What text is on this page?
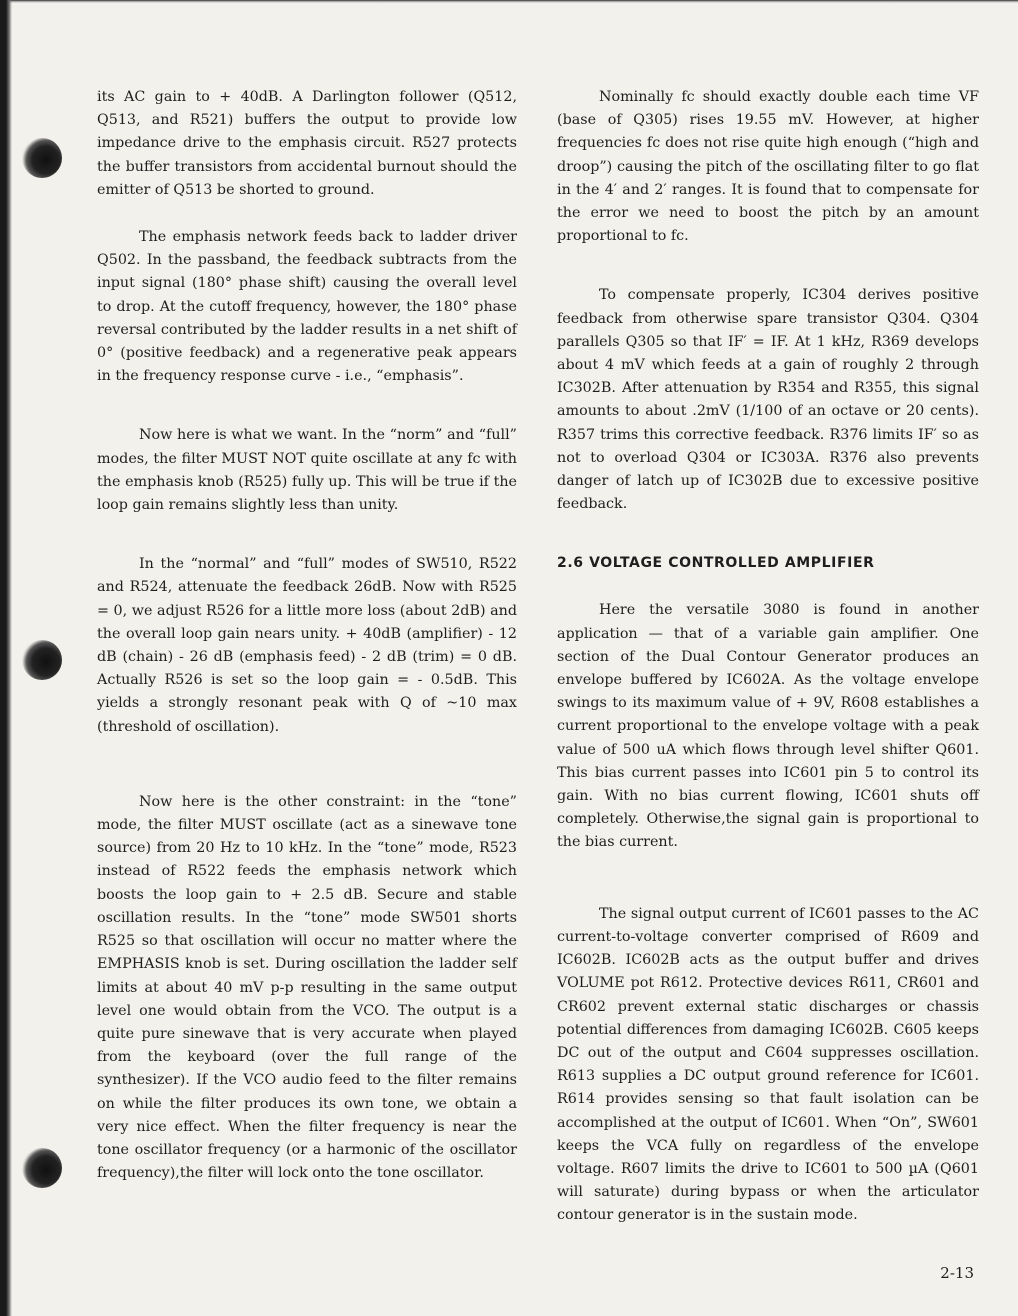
its AC gain to + 40dB. A Darlington follower (Q512, Q513, and R521) buffers the output to provide low impedance drive to the emphasis circuit. R527 protects the buffer transistors from accidental burnout should the emitter of Q513 be shorted to ground.

The emphasis network feeds back to ladder driver Q502. In the passband, the feedback subtracts from the input signal (180° phase shift) causing the overall level to drop. At the cutoff frequency, however, the 180° phase reversal contributed by the ladder results in a net shift of 0° (positive feedback) and a regenerative peak appears in the frequency response curve - i.e., “emphasis”.

Now here is what we want. In the “norm” and “full” modes, the filter MUST NOT quite oscillate at any fc with the emphasis knob (R525) fully up. This will be true if the loop gain remains slightly less than unity.

In the “normal” and “full” modes of SW510, R522 and R524, attenuate the feedback 26dB. Now with R525 = 0, we adjust R526 for a little more loss (about 2dB) and the overall loop gain nears unity. + 40dB (amplifier) - 12 dB (chain) - 26 dB (emphasis feed) - 2 dB (trim) = 0 dB. Actually R526 is set so the loop gain = - 0.5dB. This yields a strongly resonant peak with Q of ~10 max (threshold of oscillation).

Now here is the other constraint: in the “tone” mode, the filter MUST oscillate (act as a sinewave tone source) from 20 Hz to 10 kHz. In the “tone” mode, R523 instead of R522 feeds the emphasis network which boosts the loop gain to + 2.5 dB. Secure and stable oscillation results. In the “tone” mode SW501 shorts R525 so that oscillation will occur no matter where the EMPHASIS knob is set. During oscillation the ladder self limits at about 40 mV p-p resulting in the same output level one would obtain from the VCO. The output is a quite pure sinewave that is very accurate when played from the keyboard (over the full range of the synthesizer). If the VCO audio feed to the filter remains on while the filter produces its own tone, we obtain a very nice effect. When the filter frequency is near the tone oscillator frequency (or a harmonic of the oscillator frequency),the filter will lock onto the tone oscillator.

Nominally fc should exactly double each time VF (base of Q305) rises 19.55 mV. However, at higher frequencies fc does not rise quite high enough (“high and droop”) causing the pitch of the oscillating filter to go flat in the 4′ and 2′ ranges. It is found that to compensate for the error we need to boost the pitch by an amount proportional to fc.

To compensate properly, IC304 derives positive feedback from otherwise spare transistor Q304. Q304 parallels Q305 so that IF′ = IF. At 1 kHz, R369 develops about 4 mV which feeds at a gain of roughly 2 through IC302B. After attenuation by R354 and R355, this signal amounts to about .2mV (1/100 of an octave or 20 cents). R357 trims this corrective feedback. R376 limits IF′ so as not to overload Q304 or IC303A. R376 also prevents danger of latch up of IC302B due to excessive positive feedback.

2.6 VOLTAGE CONTROLLED AMPLIFIER

Here the versatile 3080 is found in another application — that of a variable gain amplifier. One section of the Dual Contour Generator produces an envelope buffered by IC602A. As the voltage envelope swings to its maximum value of + 9V, R608 establishes a current proportional to the envelope voltage with a peak value of 500 uA which flows through level shifter Q601. This bias current passes into IC601 pin 5 to control its gain. With no bias current flowing, IC601 shuts off completely. Otherwise,the signal gain is proportional to the bias current.

The signal output current of IC601 passes to the AC current-to-voltage converter comprised of R609 and IC602B. IC602B acts as the output buffer and drives VOLUME pot R612. Protective devices R611, CR601 and CR602 prevent external static discharges or chassis potential differences from damaging IC602B. C605 keeps DC out of the output and C604 suppresses oscillation. R613 supplies a DC output ground reference for IC601. R614 provides sensing so that fault isolation can be accomplished at the output of IC601. When “On”, SW601 keeps the VCA fully on regardless of the envelope voltage. R607 limits the drive to IC601 to 500 µA (Q601 will saturate) during bypass or when the articulator contour generator is in the sustain mode.

2-13
